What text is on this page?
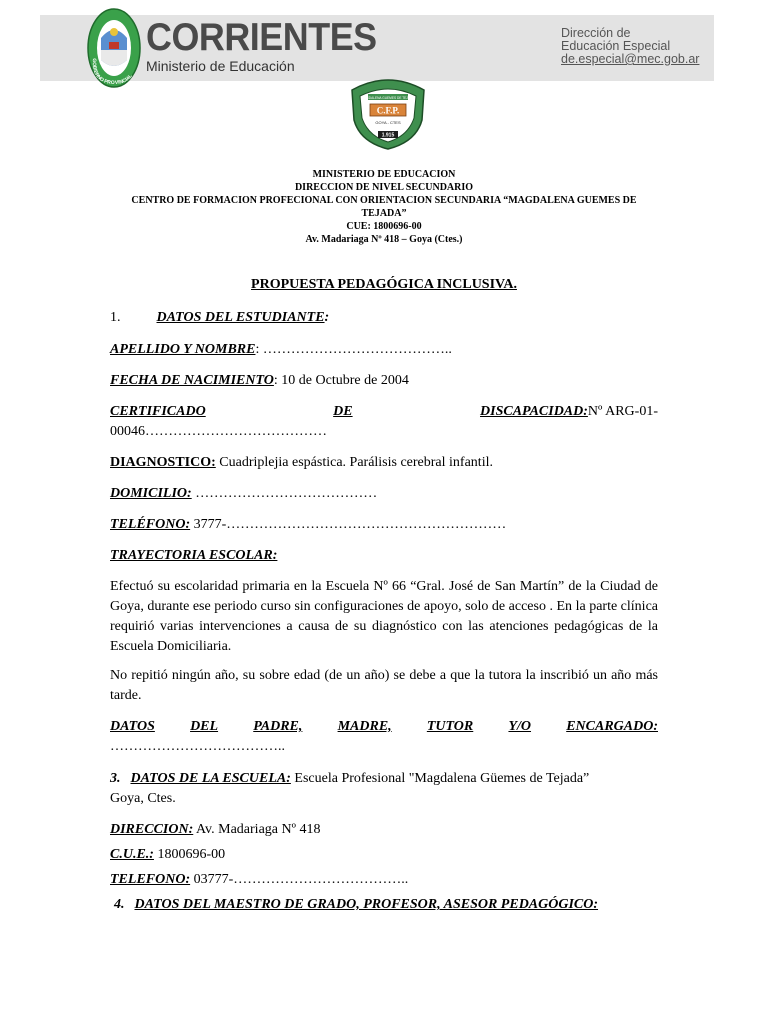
GOBIERNO PROVINCIAL
CORRIENTES
Ministerio de Educación
Dirección de
Educación Especial
de.especial@mec.gob.ar
MAGDALENA GUEMES DE TEJADA
C.F.P.
GOYA - CTES
1.915
MINISTERIO DE EDUCACION
DIRECCION DE NIVEL SECUNDARIO
CENTRO DE FORMACION PROFECIONAL CON ORIENTACION SECUNDARIA “MAGDALENA GUEMES DE
TEJADA”
CUE: 1800696-00
Av. Madariaga Nº 418 – Goya (Ctes.)
PROPUESTA PEDAGÓGICA INCLUSIVA.
1.	DATOS DEL ESTUDIANTE:
APELLIDO Y NOMBRE: …………………………………..
FECHA DE NACIMIENTO: 10 de Octubre de 2004
CERTIFICADO	DE	DISCAPACIDAD:Nº ARG-01-
00046…………………………………
DIAGNOSTICO: Cuadriplejia espástica. Parálisis cerebral infantil.
DOMICILIO: …………………………………
TELÉFONO: 3777-……………………………………………………
TRAYECTORIA ESCOLAR:
Efectuó su escolaridad primaria en la Escuela Nº 66 “Gral. José de San Martín” de la Ciudad de Goya, durante ese periodo curso sin configuraciones de apoyo, solo de acceso . En la parte clínica requirió varias intervenciones a causa de su diagnóstico con las atenciones pedagógicas de la Escuela Domiciliaria.
No repitió ningún año, su sobre edad (de un año) se debe a que la tutora la inscribió un año más tarde.
DATOS	DEL	PADRE,	MADRE,	TUTOR	Y/O	ENCARGADO:
………………………………..
3. DATOS DE LA ESCUELA: Escuela Profesional "Magdalena Güemes de Tejada”
Goya, Ctes.
DIRECCION: Av. Madariaga Nº 418
C.U.E.: 1800696-00
TELEFONO: 03777-………………………………..
4. DATOS DEL MAESTRO DE GRADO, PROFESOR, ASESOR PEDAGÓGICO:
